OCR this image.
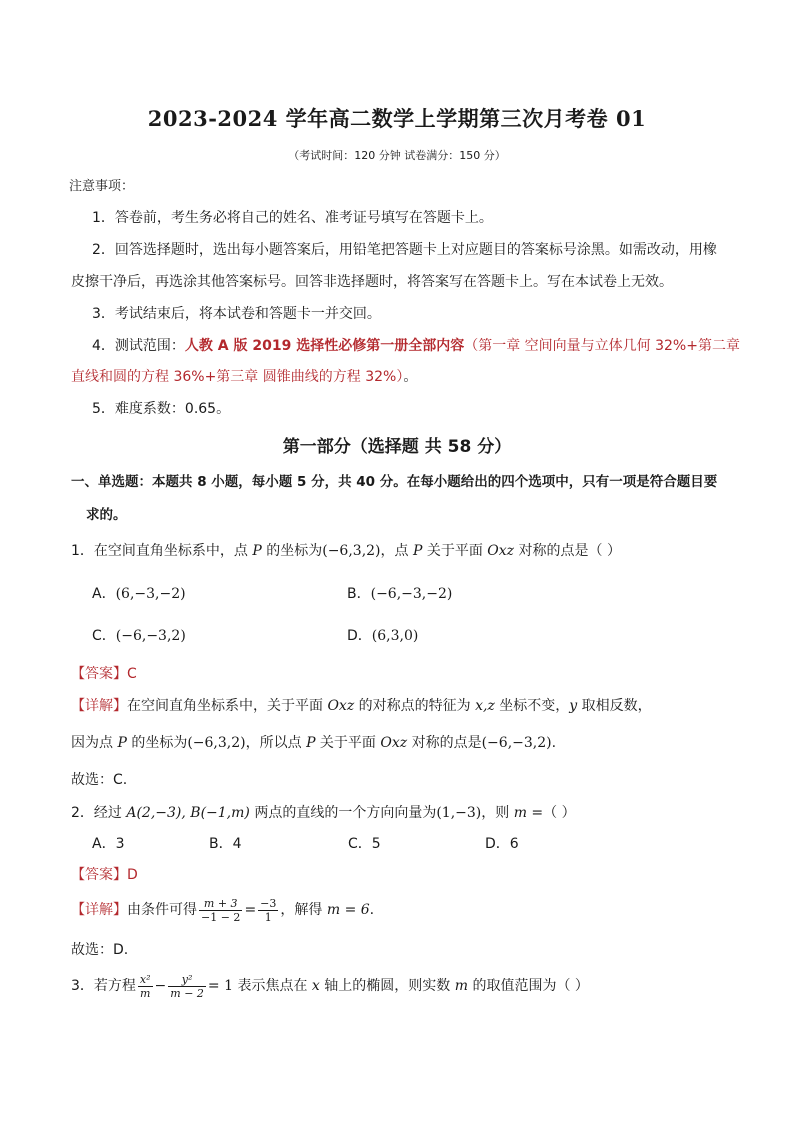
2023-2024 学年高二数学上学期第三次月考卷 01
（考试时间：120 分钟 试卷满分：150 分）
注意事项：
1．答卷前，考生务必将自己的姓名、准考证号填写在答题卡上。
2．回答选择题时，选出每小题答案后，用铅笔把答题卡上对应题目的答案标号涂黑。如需改动，用橡
皮擦干净后，再选涂其他答案标号。回答非选择题时，将答案写在答题卡上。写在本试卷上无效。
3．考试结束后，将本试卷和答题卡一并交回。
4．测试范围：人教 A 版 2019 选择性必修第一册全部内容（第一章 空间向量与立体几何 32%+第二章
直线和圆的方程 36%+第三章 圆锥曲线的方程 32%）。
5．难度系数：0.65。
第一部分（选择题 共 58 分）
一、单选题：本题共 8 小题，每小题 5 分，共 40 分。在每小题给出的四个选项中，只有一项是符合题目要
求的。
1．在空间直角坐标系中，点 P 的坐标为(−6,3,2)，点 P 关于平面 Oxz 对称的点是（ ）
A．(6,−3,−2)	B．(−6,−3,−2)
C．(−6,−3,2)	D．(6,3,0)
【答案】C
【详解】在空间直角坐标系中，关于平面 Oxz 的对称点的特征为 x,z 坐标不变，y 取相反数，
因为点 P 的坐标为(−6,3,2)，所以点 P 关于平面 Oxz 对称的点是(−6,−3,2).
故选：C.
2．经过 A(2,−3), B(−1,m) 两点的直线的一个方向向量为(1,−3)，则 m =（ ）
A．3	B．4	C．5	D．6
【答案】D
【详解】由条件可得 $\frac{m + 3}{-1 - 2} = \frac{-3}{1}$ ，解得 m = 6.
故选：D.
3．若方程 $\frac{\text{x²}}{m} - \frac{\text{y²}}{m - 2} = 1$ 表示焦点在 x 轴上的椭圆，则实数 m 的取值范围为（ ）
